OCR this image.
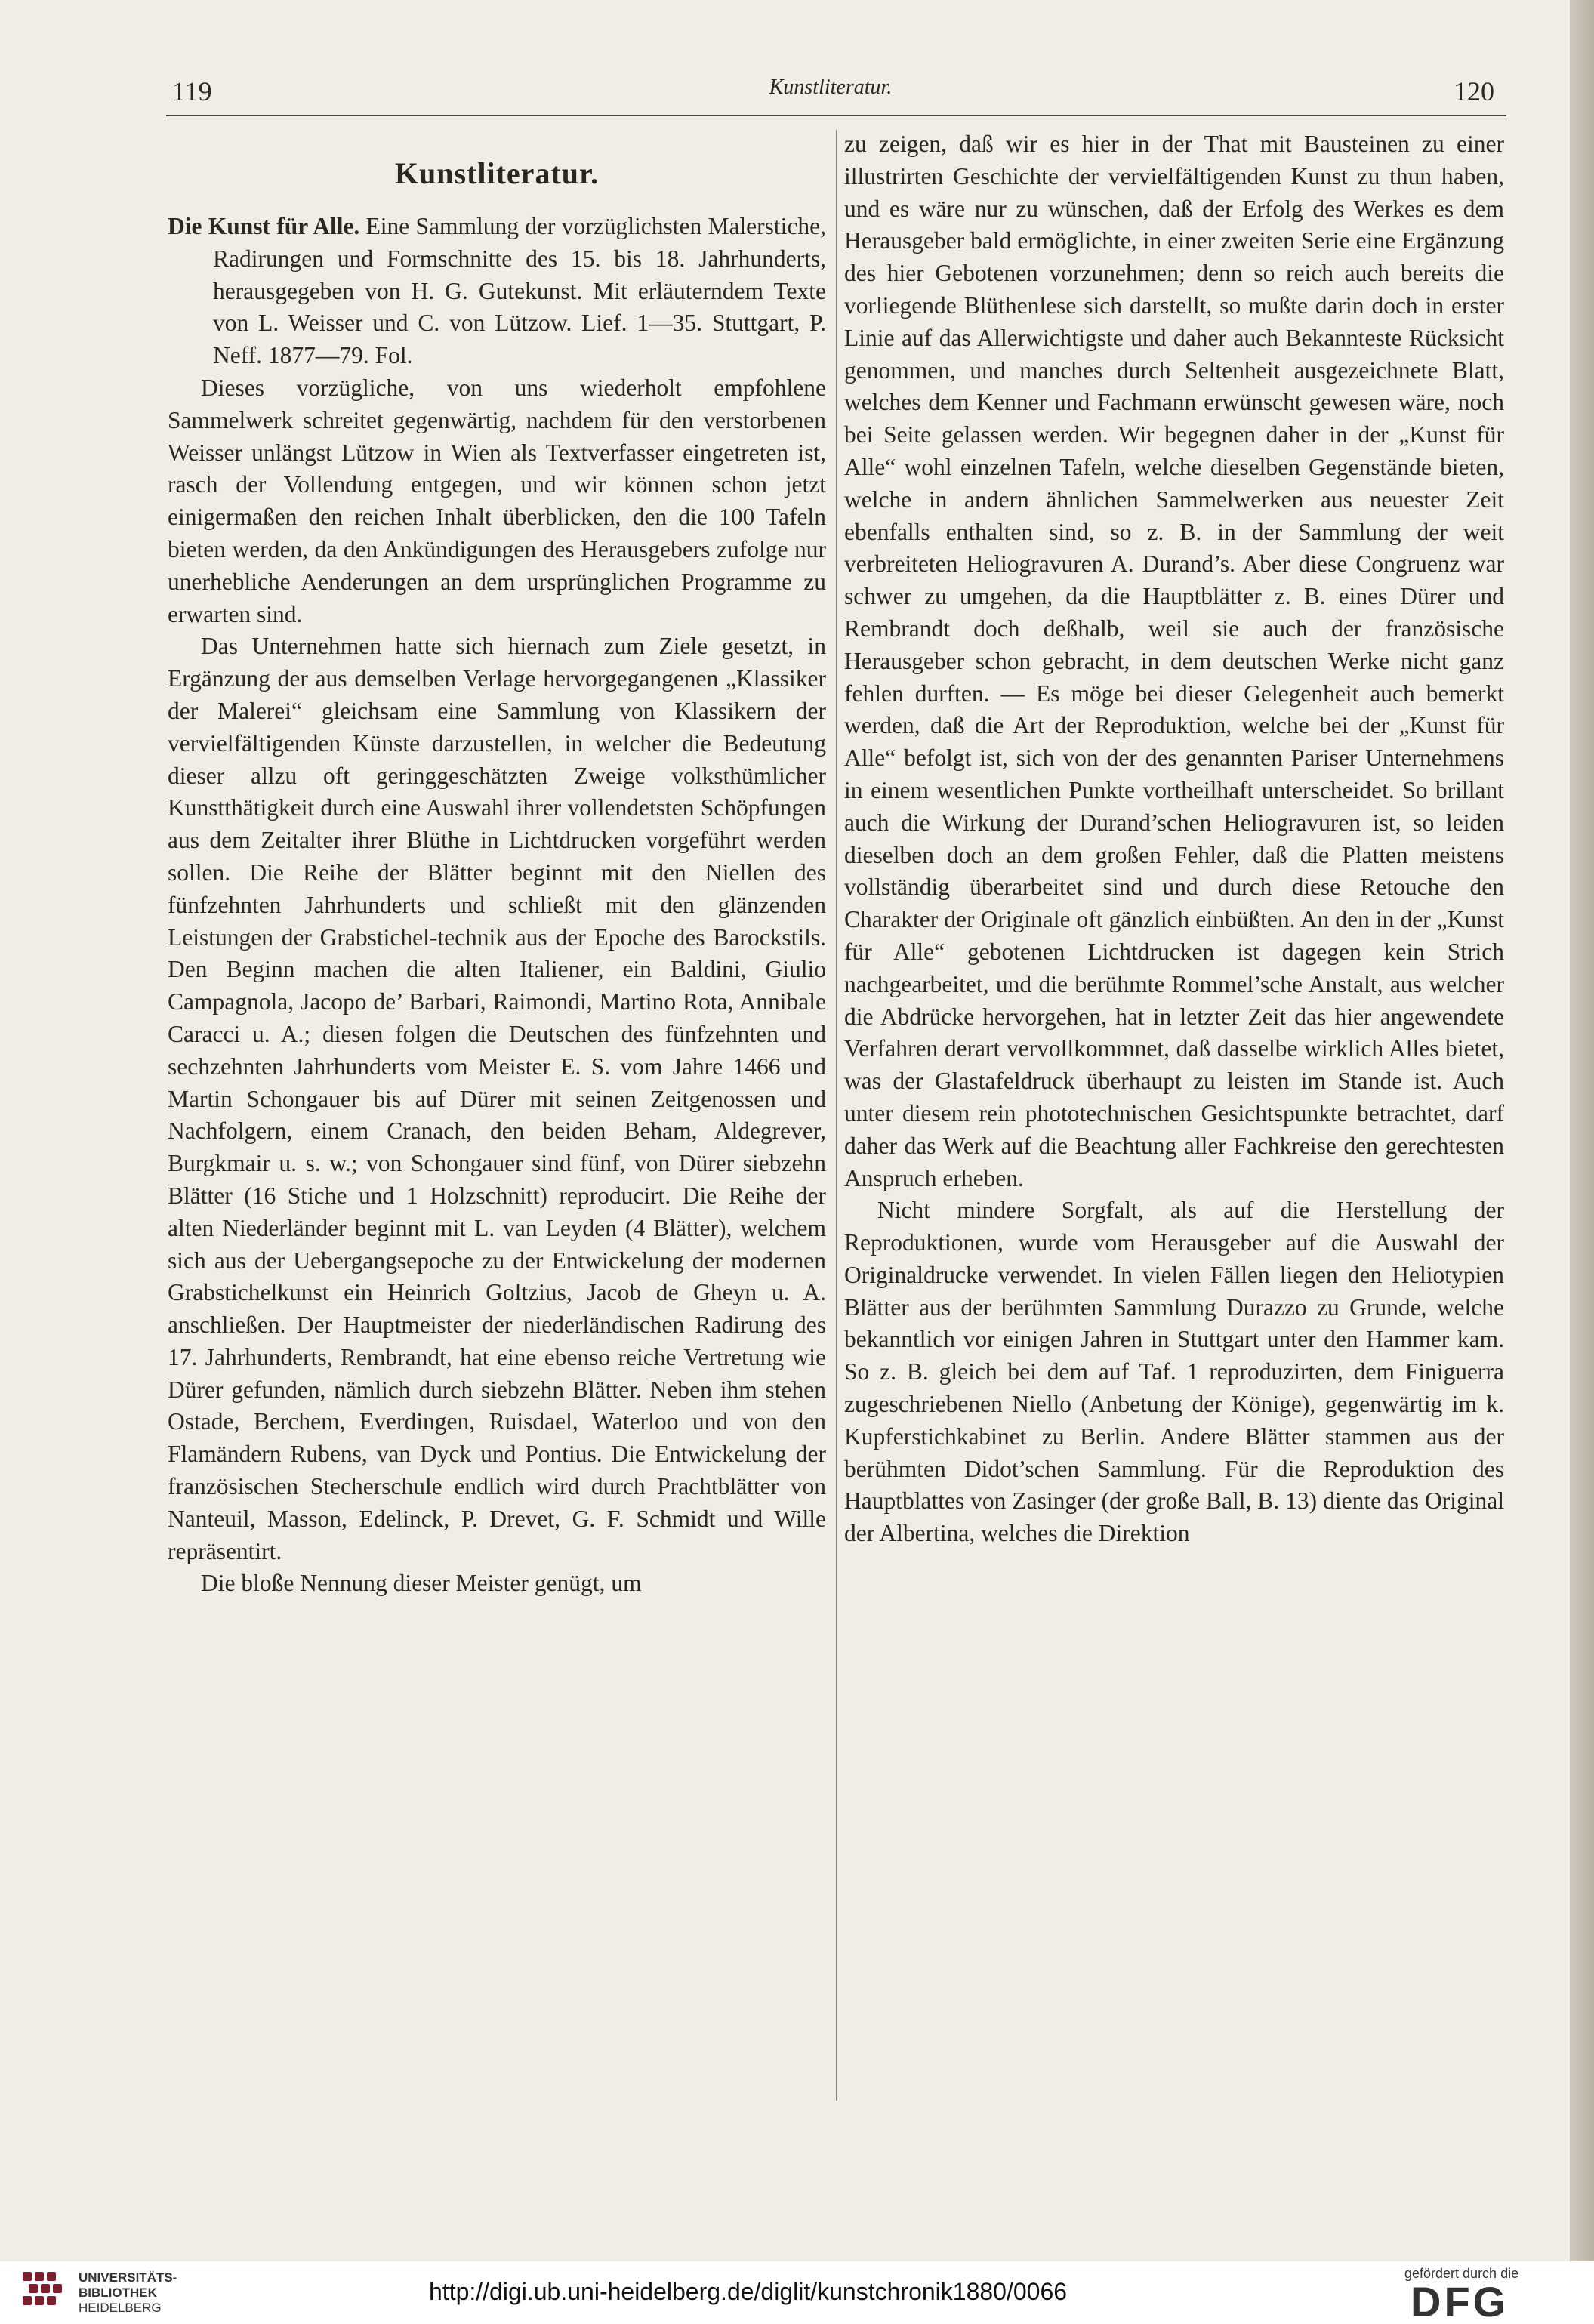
119	Kunstliteratur.	120
Kunstliteratur.

Die Kunst für Alle. Eine Sammlung der vorzüglichsten Malerstiche, Radirungen und Formschnitte des 15. bis 18. Jahrhunderts, herausgegeben von H. G. Gutekunst. Mit erläuterndem Texte von L. Weisser und C. von Lützow. Lief. 1—35. Stuttgart, P. Neff. 1877—79. Fol.

Dieses vorzügliche, von uns wiederholt empfohlene Sammelwerk schreitet gegenwärtig, nachdem für den verstorbenen Weisser unlängst Lützow in Wien als Textverfasser eingetreten ist, rasch der Vollendung entgegen, und wir können schon jetzt einigermaßen den reichen Inhalt überblicken, den die 100 Tafeln bieten werden, da den Ankündigungen des Herausgebers zufolge nur unerhebliche Aenderungen an dem ursprünglichen Programme zu erwarten sind.

Das Unternehmen hatte sich hiernach zum Ziele gesetzt, in Ergänzung der aus demselben Verlage hervorgegangenen „Klassiker der Malerei“ gleichsam eine Sammlung von Klassikern der vervielfältigenden Künste darzustellen, in welcher die Bedeutung dieser allzu oft geringgeschätzten Zweige volksthümlicher Kunstthätigkeit durch eine Auswahl ihrer vollendetsten Schöpfungen aus dem Zeitalter ihrer Blüthe in Lichtdrucken vorgeführt werden sollen. Die Reihe der Blätter beginnt mit den Niellen des fünfzehnten Jahrhunderts und schließt mit den glänzenden Leistungen der Grabstichel-technik aus der Epoche des Barockstils. Den Beginn machen die alten Italiener, ein Baldini, Giulio Campagnola, Jacopo de’ Barbari, Raimondi, Martino Rota, Annibale Caracci u. A.; diesen folgen die Deutschen des fünfzehnten und sechzehnten Jahrhunderts vom Meister E. S. vom Jahre 1466 und Martin Schongauer bis auf Dürer mit seinen Zeitgenossen und Nachfolgern, einem Cranach, den beiden Beham, Aldegrever, Burgkmair u. s. w.; von Schongauer sind fünf, von Dürer siebzehn Blätter (16 Stiche und 1 Holzschnitt) reproducirt. Die Reihe der alten Niederländer beginnt mit L. van Leyden (4 Blätter), welchem sich aus der Uebergangsepoche zu der Entwickelung der modernen Grabstichelkunst ein Heinrich Goltzius, Jacob de Gheyn u. A. anschließen. Der Hauptmeister der niederländischen Radirung des 17. Jahrhunderts, Rembrandt, hat eine ebenso reiche Vertretung wie Dürer gefunden, nämlich durch siebzehn Blätter. Neben ihm stehen Ostade, Berchem, Everdingen, Ruisdael, Waterloo und von den Flamändern Rubens, van Dyck und Pontius. Die Entwickelung der französischen Stecherschule endlich wird durch Prachtblätter von Nanteuil, Masson, Edelinck, P. Drevet, G. F. Schmidt und Wille repräsentirt.

Die bloße Nennung dieser Meister genügt, um

zu zeigen, daß wir es hier in der That mit Bausteinen zu einer illustrirten Geschichte der vervielfältigenden Kunst zu thun haben, und es wäre nur zu wünschen, daß der Erfolg des Werkes es dem Herausgeber bald ermöglichte, in einer zweiten Serie eine Ergänzung des hier Gebotenen vorzunehmen; denn so reich auch bereits die vorliegende Blüthenlese sich darstellt, so mußte darin doch in erster Linie auf das Allerwichtigste und daher auch Bekannteste Rücksicht genommen, und manches durch Seltenheit ausgezeichnete Blatt, welches dem Kenner und Fachmann erwünscht gewesen wäre, noch bei Seite gelassen werden. Wir begegnen daher in der „Kunst für Alle“ wohl einzelnen Tafeln, welche dieselben Gegenstände bieten, welche in andern ähnlichen Sammelwerken aus neuester Zeit ebenfalls enthalten sind, so z. B. in der Sammlung der weit verbreiteten Heliogravuren A. Durand’s. Aber diese Congruenz war schwer zu umgehen, da die Hauptblätter z. B. eines Dürer und Rembrandt doch deßhalb, weil sie auch der französische Herausgeber schon gebracht, in dem deutschen Werke nicht ganz fehlen durften. — Es möge bei dieser Gelegenheit auch bemerkt werden, daß die Art der Reproduktion, welche bei der „Kunst für Alle“ befolgt ist, sich von der des genannten Pariser Unternehmens in einem wesentlichen Punkte vortheilhaft unterscheidet. So brillant auch die Wirkung der Durand’schen Heliogravuren ist, so leiden dieselben doch an dem großen Fehler, daß die Platten meistens vollständig überarbeitet sind und durch diese Retouche den Charakter der Originale oft gänzlich einbüßten. An den in der „Kunst für Alle“ gebotenen Lichtdrucken ist dagegen kein Strich nachgearbeitet, und die berühmte Rommel’sche Anstalt, aus welcher die Abdrücke hervorgehen, hat in letzter Zeit das hier angewendete Verfahren derart vervollkommnet, daß dasselbe wirklich Alles bietet, was der Glastafeldruck überhaupt zu leisten im Stande ist. Auch unter diesem rein phototechnischen Gesichtspunkte betrachtet, darf daher das Werk auf die Beachtung aller Fachkreise den gerechtesten Anspruch erheben.

Nicht mindere Sorgfalt, als auf die Herstellung der Reproduktionen, wurde vom Herausgeber auf die Auswahl der Originaldrucke verwendet. In vielen Fällen liegen den Heliotypien Blätter aus der berühmten Sammlung Durazzo zu Grunde, welche bekanntlich vor einigen Jahren in Stuttgart unter den Hammer kam. So z. B. gleich bei dem auf Taf. 1 reproduzirten, dem Finiguerra zugeschriebenen Niello (Anbetung der Könige), gegenwärtig im k. Kupferstichkabinet zu Berlin. Andere Blätter stammen aus der berühmten Didot’schen Sammlung. Für die Reproduktion des Hauptblattes von Zasinger (der große Ball, B. 13) diente das Original der Albertina, welches die Direktion

UNIVERSITÄTS-
BIBLIOTHEK
HEIDELBERG
http://digi.ub.uni-heidelberg.de/diglit/kunstchronik1880/0066
gefördert durch die
DFG
